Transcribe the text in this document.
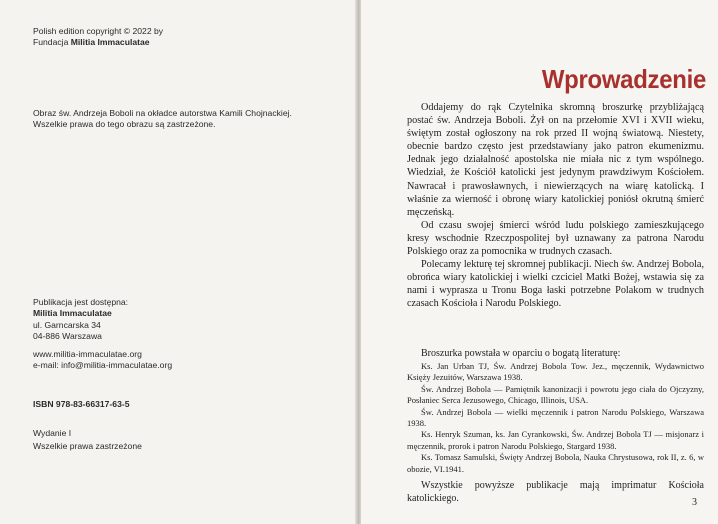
Polish edition copyright © 2022 by
Fundacja Militia Immaculatae
Obraz św. Andrzeja Boboli na okładce autorstwa Kamili Chojnackiej.
Wszelkie prawa do tego obrazu są zastrzeżone.
Publikacja jest dostępna:
Militia Immaculatae
ul. Garncarska 34
04-886 Warszawa
www.militia-immaculatae.org
e-mail: info@militia-immaculatae.org
ISBN 978-83-66317-63-5
Wydanie I
Wszelkie prawa zastrzeżone
Wprowadzenie

Oddajemy do rąk Czytelnika skromną broszurkę przybliżającą postać św. Andrzeja Boboli. Żył on na przełomie XVI i XVII wieku, świętym został ogłoszony na rok przed II wojną światową. Niestety, obecnie bardzo często jest przedstawiany jako patron ekumenizmu. Jednak jego działalność apostolska nie miała nic z tym wspólnego. Wiedział, że Kościół katolicki jest jedynym prawdziwym Kościołem. Nawracał i prawosławnych, i niewierzących na wiarę katolicką. I właśnie za wierność i obronę wiary katolickiej poniósł okrutną śmierć męczeńską.

Od czasu swojej śmierci wśród ludu polskiego zamieszkującego kresy wschodnie Rzeczpospolitej był uznawany za patrona Narodu Polskiego oraz za pomocnika w trudnych czasach.

Polecamy lekturę tej skromnej publikacji. Niech św. Andrzej Bobola, obrońca wiary katolickiej i wielki czciciel Matki Bożej, wstawia się za nami i wyprasza u Tronu Boga łaski potrzebne Polakom w trudnych czasach Kościoła i Narodu Polskiego.

Broszurka powstała w oparciu o bogatą literaturę:

Ks. Jan Urban TJ, Św. Andrzej Bobola Tow. Jez., męczennik, Wydawnictwo Księży Jezuitów, Warszawa 1938.

Św. Andrzej Bobola — Pamiętnik kanonizacji i powrotu jego ciała do Ojczyzny, Posłaniec Serca Jezusowego, Chicago, Illinois, USA.

Św. Andrzej Bobola — wielki męczennik i patron Narodu Polskiego, Warszawa 1938.

Ks. Henryk Szuman, ks. Jan Cyrankowski, Św. Andrzej Bobola TJ — misjonarz i męczennik, prorok i patron Narodu Polskiego, Stargard 1938.

Ks. Tomasz Samulski, Święty Andrzej Bobola, Nauka Chrystusowa, rok II, z. 6, w obozie, VI.1941.

Wszystkie powyższe publikacje mają imprimatur Kościoła katolickiego.	3
